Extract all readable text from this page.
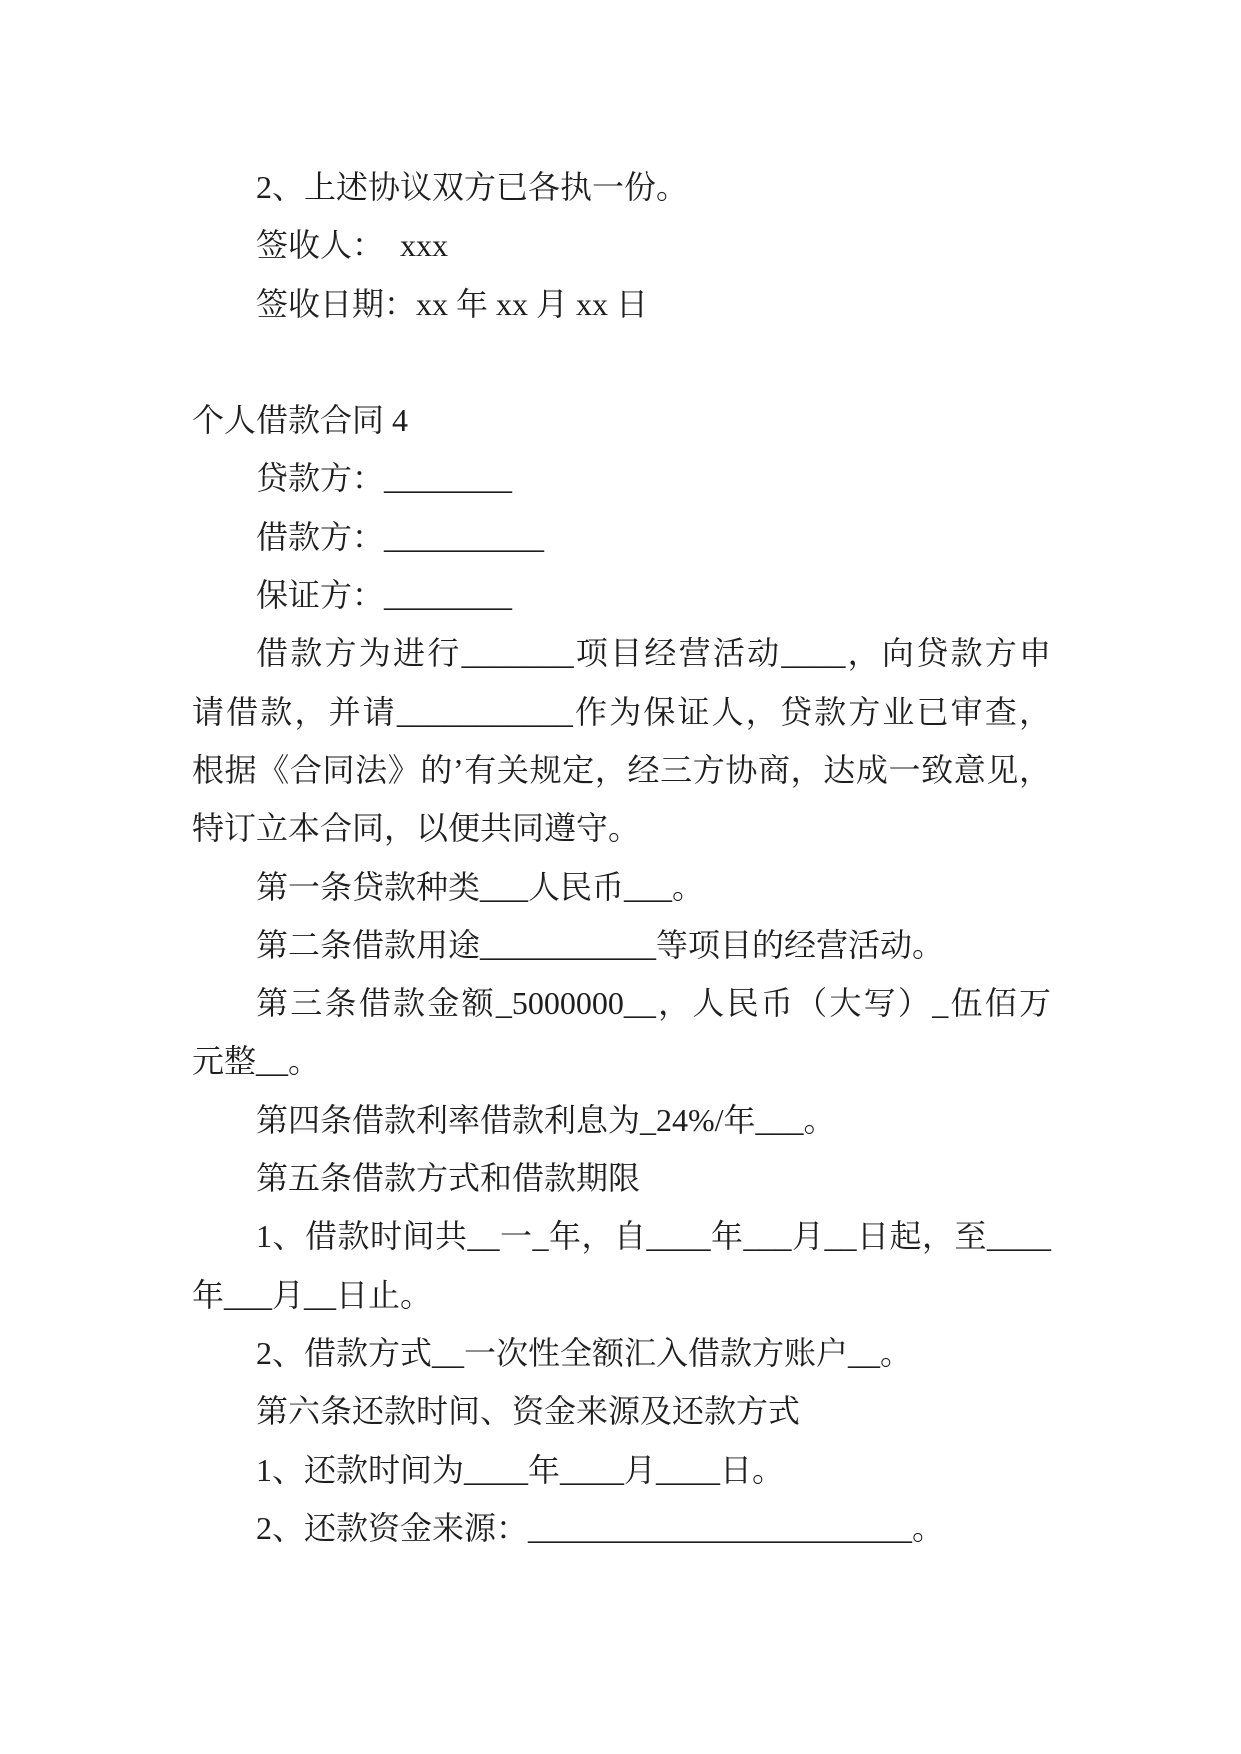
2、上述协议双方已各执一份。

签收人：  xxx

签收日期：xx 年 xx 月 xx 日

个人借款合同 4

贷款方：________

借款方：__________

保证方：________

借款方为进行_______项目经营活动____，向贷款方申
请借款，并请___________作为保证人，贷款方业已审查，
根据《合同法》的’有关规定，经三方协商，达成一致意见，
特订立本合同，以便共同遵守。

第一条贷款种类___人民币___。

第二条借款用途___________等项目的经营活动。

第三条借款金额_5000000__，人民币（大写）_伍佰万
元整__。

第四条借款利率借款利息为_24%/年___。

第五条借款方式和借款期限

1、借款时间共__一_年，自____年___月__日起，至____
年___月__日止。

2、借款方式__一次性全额汇入借款方账户__。

第六条还款时间、资金来源及还款方式

1、还款时间为____年____月____日。

2、还款资金来源：________________________。
